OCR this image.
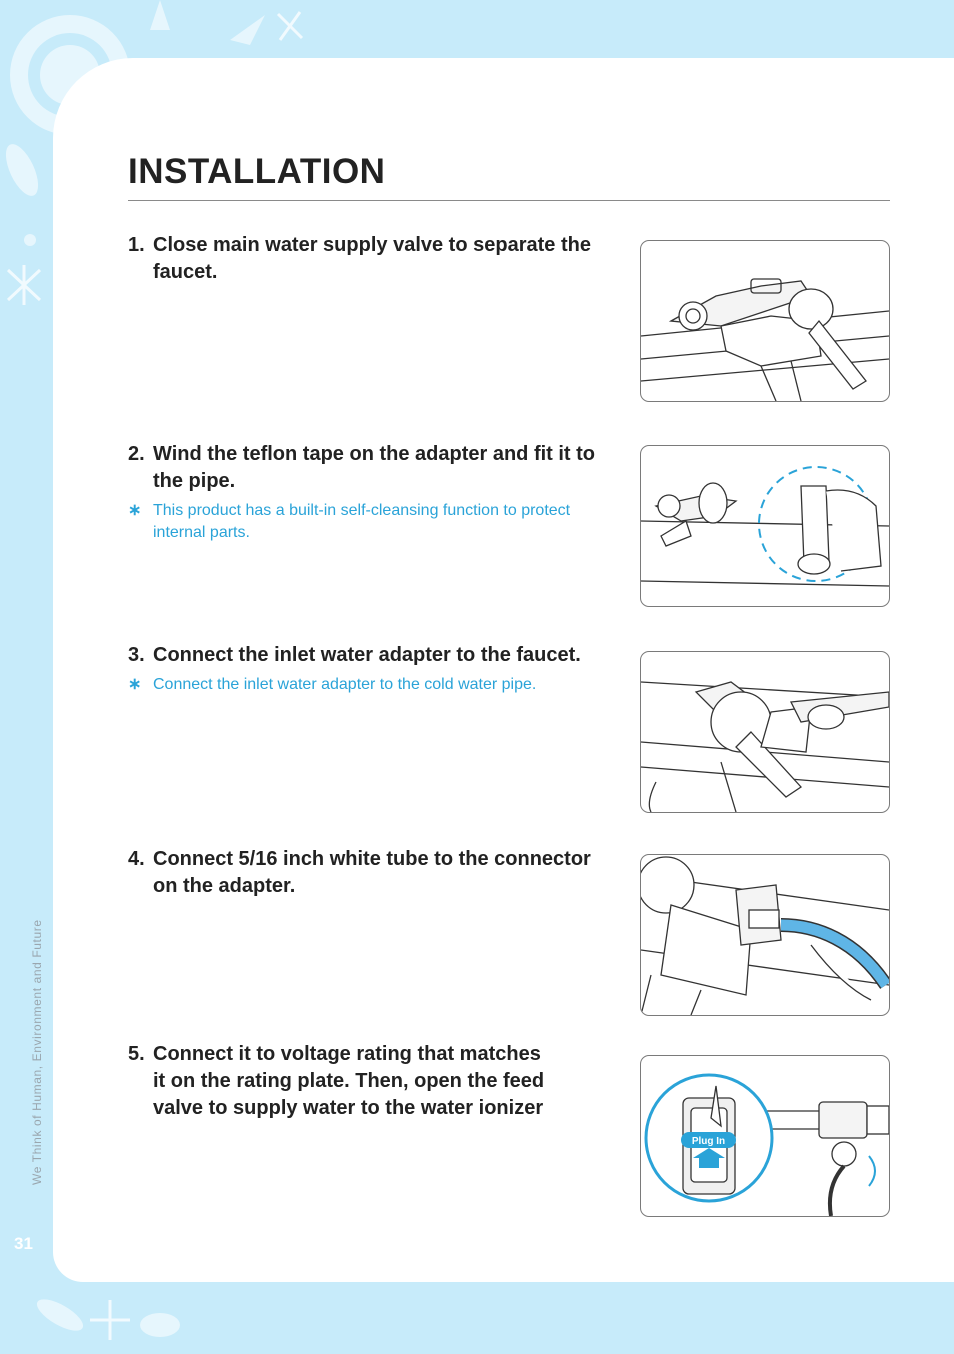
INSTALLATION
1. Close main water supply valve to separate the faucet.
2. Wind the teflon tape on the adapter and fit it to the pipe.
∗ This product has a built-in self-cleansing function to protect internal parts.
3. Connect the inlet water adapter to the faucet.
∗ Connect the inlet water adapter to the cold water pipe.
4. Connect 5/16 inch white tube to the connector on the adapter.
5. Connect it to voltage rating that matches it on the rating plate. Then, open the feed valve to supply water to the water ionizer
Plug In
We Think of Human, Environment and Future
31
